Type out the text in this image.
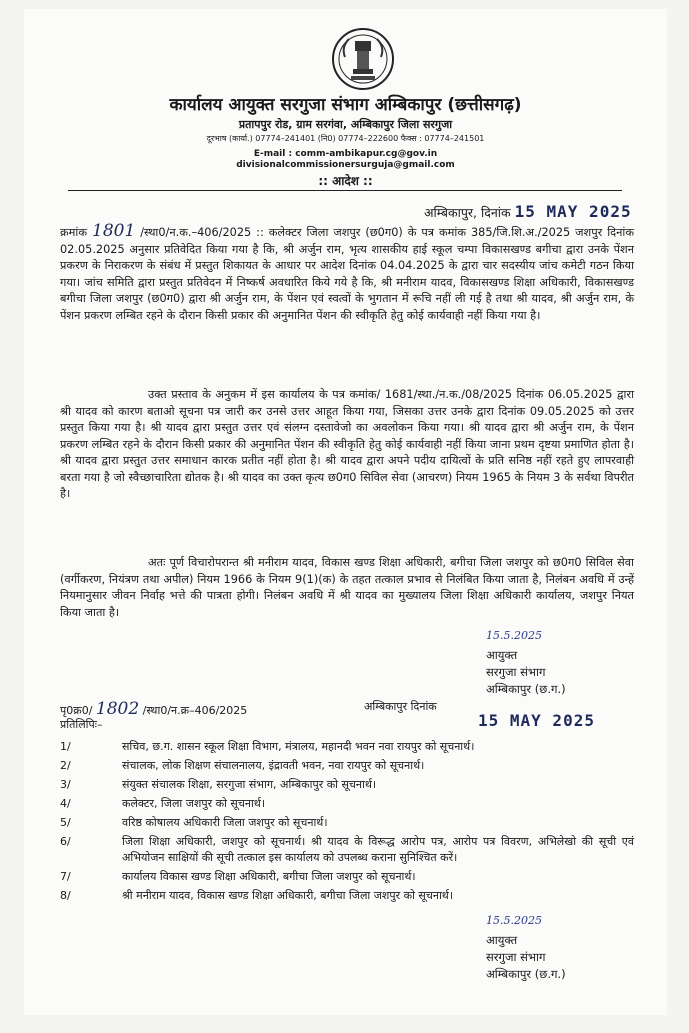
कार्यालय आयुक्त सरगुजा संभाग अम्बिकापुर (छत्तीसगढ़)
प्रतापपुर रोड, ग्राम सरगंवा, अम्बिकापुर जिला सरगुजा
दूरभाष (कार्या.) 07774–241401 (नि0) 07774–222600 फैक्स : 07774–241501
E-mail : comm-ambikapur.cg@gov.in
divisionalcommissionersurguja@gmail.com
:: आदेश ::
अम्बिकापुर, दिनांक 15 MAY 2025
क्रमांक 1801 /स्था0/न.क.–406/2025 :: कलेक्टर जिला जशपुर (छ0ग0) के पत्र कमांक 385/जि.शि.अ./2025 जशपुर दिनांक 02.05.2025 अनुसार प्रतिवेदित किया गया है कि, श्री अर्जुन राम, भृत्य शासकीय हाई स्कूल चम्पा विकासखण्ड बगीचा द्वारा उनके पेंशन प्रकरण के निराकरण के संबंध में प्रस्तुत शिकायत के आधार पर आदेश दिनांक 04.04.2025 के द्वारा चार सदस्यीय जांच कमेटी गठन किया गया। जांच समिति द्वारा प्रस्तुत प्रतिवेदन में निष्कर्ष अवधारित किये गये है कि, श्री मनीराम यादव, विकासखण्ड शिक्षा अधिकारी, विकासखण्ड बगीचा जिला जशपुर (छ0ग0) द्वारा श्री अर्जुन राम, के पेंशन एवं स्वत्वों के भुगतान में रूचि नहीं ली गई है तथा श्री यादव, श्री अर्जुन राम, के पेंशन प्रकरण लम्बित रहने के दौरान किसी प्रकार की अनुमानित पेंशन की स्वीकृति हेतु कोई कार्यवाही नहीं किया गया है।
उक्त प्रस्ताव के अनुकम में इस कार्यालय के पत्र कमांक/ 1681/स्था./न.क./08/2025 दिनांक 06.05.2025 द्वारा श्री यादव को कारण बताओ सूचना पत्र जारी कर उनसे उत्तर आहूत किया गया, जिसका उत्तर उनके द्वारा दिनांक 09.05.2025 को उत्तर प्रस्तुत किया गया है। श्री यादव द्वारा प्रस्तुत उत्तर एवं संलग्न दस्तावेजो का अवलोकन किया गया। श्री यादव द्वारा श्री अर्जुन राम, के पेंशन प्रकरण लम्बित रहने के दौरान किसी प्रकार की अनुमानित पेंशन की स्वीकृति हेतु कोई कार्यवाही नहीं किया जाना प्रथम दृष्टया प्रमाणित होता है। श्री यादव द्वारा प्रस्तुत उत्तर समाधान कारक प्रतीत नहीं होता है। श्री यादव द्वारा अपने पदीय दायित्वों के प्रति सनिष्ठ नहीं रहते हुए लापरवाही बरता गया है जो स्वैच्छाचारिता द्योतक है। श्री यादव का उक्त कृत्य छ0ग0 सिविल सेवा (आचरण) नियम 1965 के नियम 3 के सर्वथा विपरीत है।
अतः पूर्ण विचारोपरान्त श्री मनीराम यादव, विकास खण्ड शिक्षा अधिकारी, बगीचा जिला जशपुर को छ0ग0 सिविल सेवा (वर्गीकरण, नियंत्रण तथा अपील) नियम 1966 के नियम 9(1)(क) के तहत तत्काल प्रभाव से निलंबित किया जाता है, निलंबन अवधि में उन्हें नियमानुसार जीवन निर्वाह भत्ते की पात्रता होगी। निलंबन अवधि में श्री यादव का मुख्यालय जिला शिक्षा अधिकारी कार्यालय, जशपुर नियत किया जाता है।
15.5.2025
आयुक्त
सरगुजा संभाग
अम्बिकापुर (छ.ग.)
पृ0क्र0/ 1802 /स्था0/न.क्र–406/2025	अम्बिकापुर दिनांक
15 MAY 2025
प्रतिलिपिः–
1/	सचिव, छ.ग. शासन स्कूल शिक्षा विभाग, मंत्रालय, महानदी भवन नवा रायपुर को सूचनार्थ।
2/	संचालक, लोक शिक्षण संचालनालय, इंद्रावती भवन, नवा रायपुर को सूचनार्थ।
3/	संयुक्त संचालक शिक्षा, सरगुजा संभाग, अम्बिकापुर को सूचनार्थ।
4/	कलेक्टर, जिला जशपुर को सूचनार्थ।
5/	वरिष्ठ कोषालय अधिकारी जिला जशपुर को सूचनार्थ।
6/	जिला शिक्षा अधिकारी, जशपुर को सूचनार्थ। श्री यादव के विरूद्ध आरोप पत्र, आरोप पत्र विवरण, अभिलेखो की सूची एवं अभियोजन साक्षियों की सूची तत्काल इस कार्यालय को उपलब्ध कराना सुनिश्चित करें।
7/	कार्यालय विकास खण्ड शिक्षा अधिकारी, बगीचा जिला जशपुर को सूचनार्थ।
8/	श्री मनीराम यादव, विकास खण्ड शिक्षा अधिकारी, बगीचा जिला जशपुर को सूचनार्थ।
15.5.2025
आयुक्त
सरगुजा संभाग
अम्बिकापुर (छ.ग.)
